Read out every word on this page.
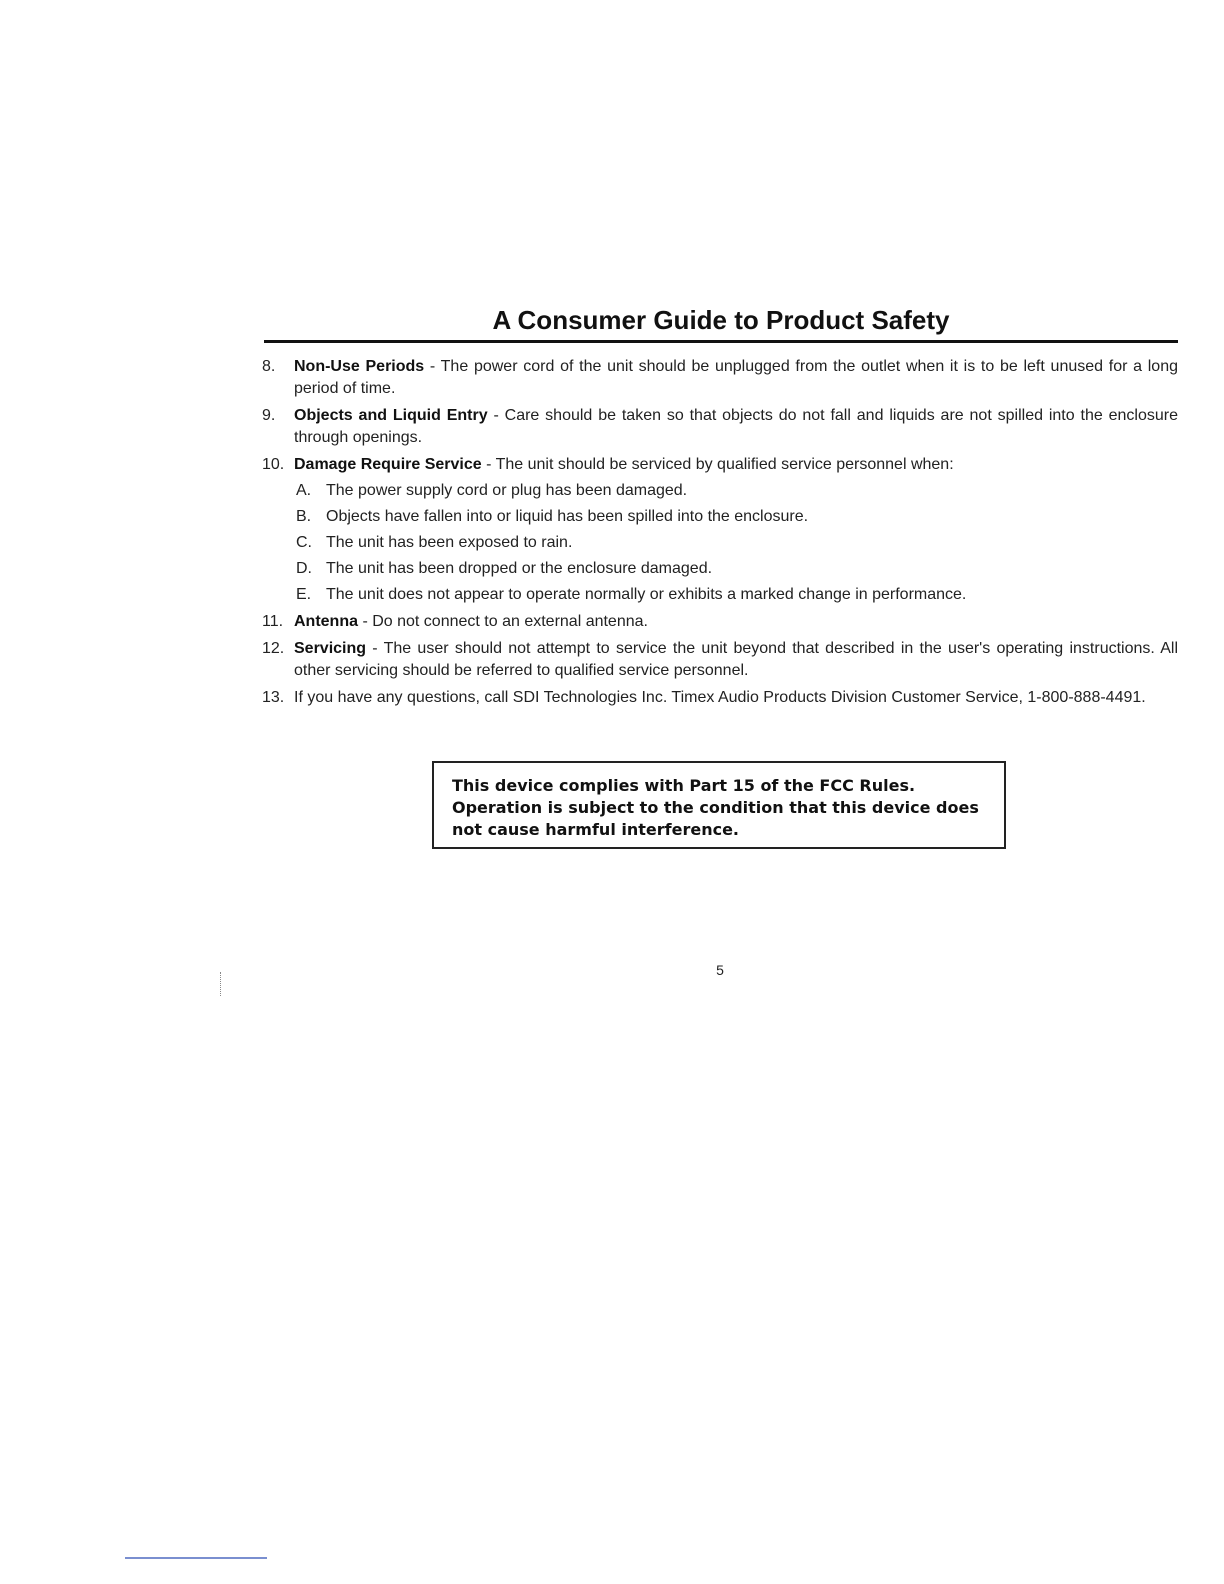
A Consumer Guide to Product Safety
8.	Non-Use Periods - The power cord of the unit should be unplugged from the outlet when it is to be left unused for a long period of time.
9.	Objects and Liquid Entry - Care should be taken so that objects do not fall and liquids are not spilled into the enclosure through openings.
10. Damage Require Service - The unit should be serviced by qualified service personnel when:
A. The power supply cord or plug has been damaged.
B. Objects have fallen into or liquid has been spilled into the enclosure.
C. The unit has been exposed to rain.
D. The unit has been dropped or the enclosure damaged.
E. The unit does not appear to operate normally or exhibits a marked change in performance.
11. Antenna - Do not connect to an external antenna.
12. Servicing - The user should not attempt to service the unit beyond that described in the user's operating instructions. All other servicing should be referred to qualified service personnel.
13. If you have any questions, call SDI Technologies Inc. Timex Audio Products Division Customer Service, 1-800-888-4491.
This device complies with Part 15 of the FCC Rules. Operation is subject to the condition that this device does not cause harmful interference.
5
